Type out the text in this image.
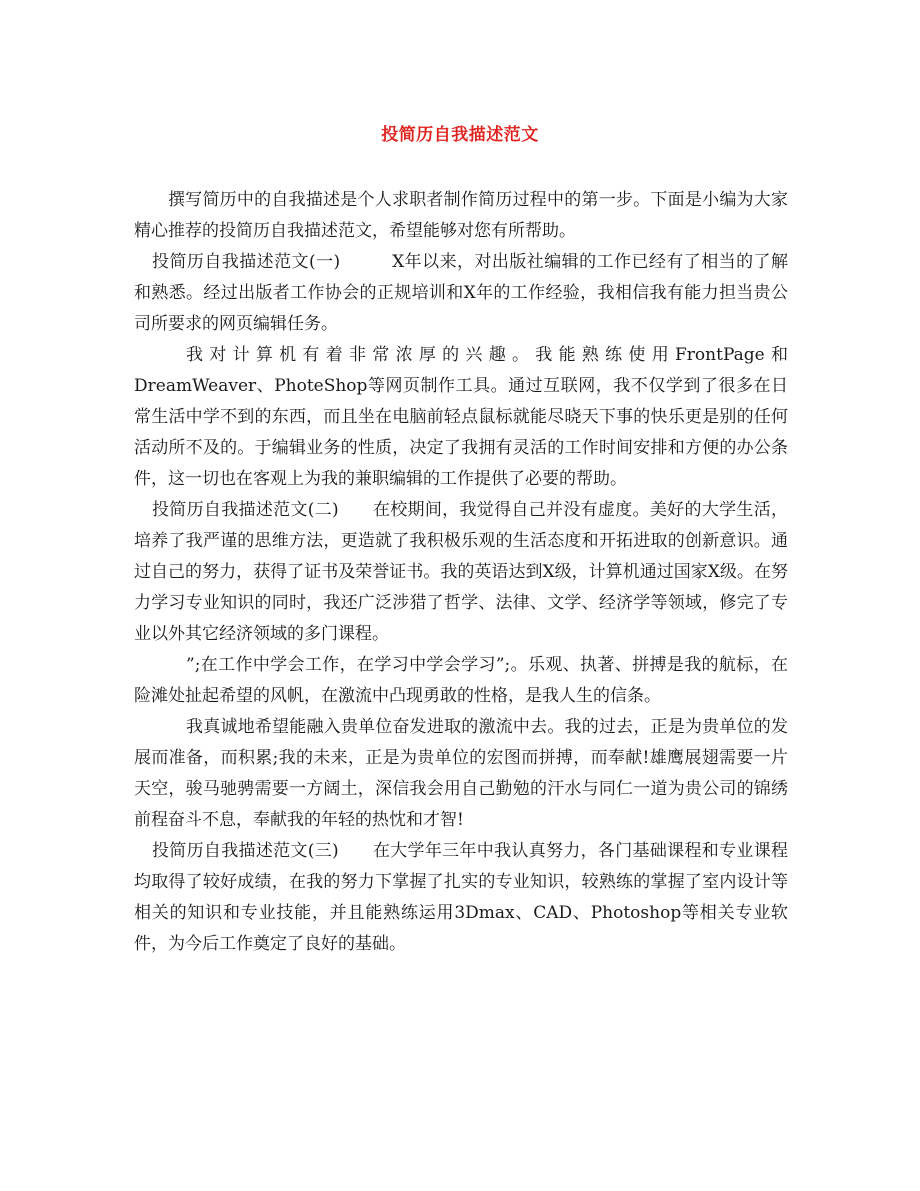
投简历自我描述范文

撰写简历中的自我描述是个人求职者制作简历过程中的第一步。下面是小编为大家精心推荐的投简历自我描述范文，希望能够对您有所帮助。

投简历自我描述范文(一)	X年以来，对出版社编辑的工作已经有了相当的了解和熟悉。经过出版者工作协会的正规培训和X年的工作经验，我相信我有能力担当贵公司所要求的网页编辑任务。

我对计算机有着非常浓厚的兴趣。我能熟练使用FrontPage和DreamWeaver、PhoteShop等网页制作工具。通过互联网，我不仅学到了很多在日常生活中学不到的东西，而且坐在电脑前轻点鼠标就能尽晓天下事的快乐更是别的任何活动所不及的。于编辑业务的性质，决定了我拥有灵活的工作时间安排和方便的办公条件，这一切也在客观上为我的兼职编辑的工作提供了必要的帮助。

投简历自我描述范文(二) 在校期间，我觉得自己并没有虚度。美好的大学生活，培养了我严谨的思维方法，更造就了我积极乐观的生活态度和开拓进取的创新意识。通过自己的努力，获得了证书及荣誉证书。我的英语达到X级，计算机通过国家X级。在努力学习专业知识的同时，我还广泛涉猎了哲学、法律、文学、经济学等领域，修完了专业以外其它经济领域的多门课程。

”;在工作中学会工作，在学习中学会学习”;。乐观、执著、拼搏是我的航标，在险滩处扯起希望的风帆，在激流中凸现勇敢的性格，是我人生的信条。

我真诚地希望能融入贵单位奋发进取的激流中去。我的过去，正是为贵单位的发展而准备，而积累;我的未来，正是为贵单位的宏图而拼搏，而奉献!雄鹰展翅需要一片天空，骏马驰骋需要一方阔土，深信我会用自己勤勉的汗水与同仁一道为贵公司的锦绣前程奋斗不息，奉献我的年轻的热忱和才智!

投简历自我描述范文(三) 在大学年三年中我认真努力，各门基础课程和专业课程均取得了较好成绩，在我的努力下掌握了扎实的专业知识，较熟练的掌握了室内设计等相关的知识和专业技能，并且能熟练运用3Dmax、CAD、Photoshop等相关专业软件，为今后工作奠定了良好的基础。
